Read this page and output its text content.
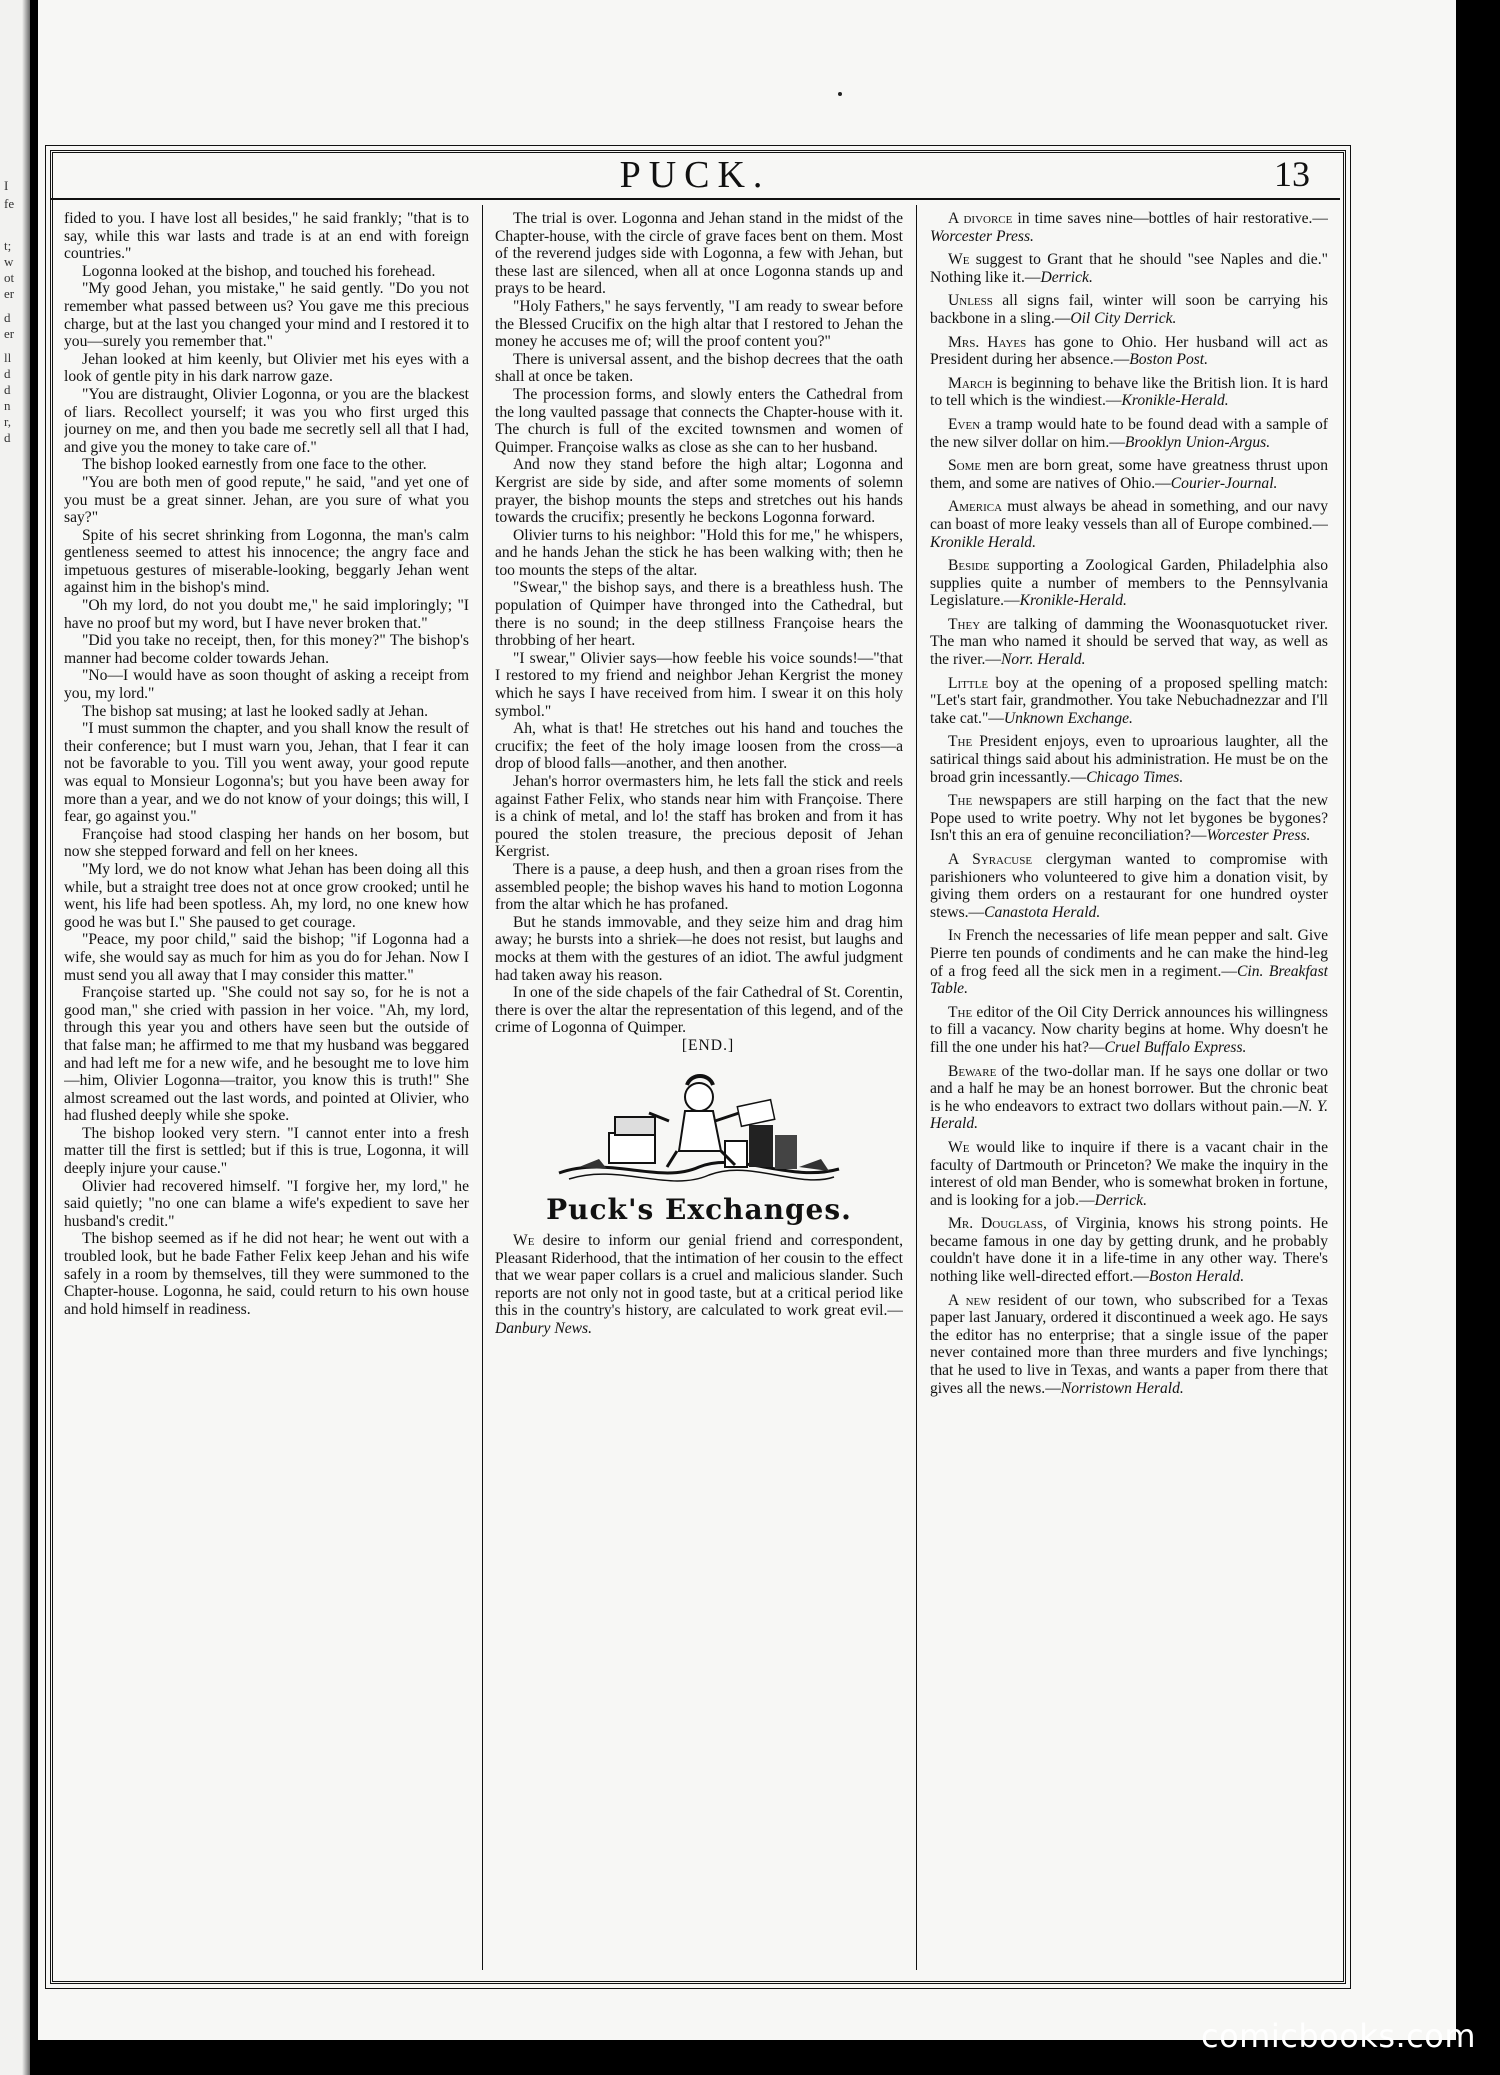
I
fe
t;
w
ot
er
d
er
ll
d
d
n
r,
d
PUCK.	13

fided to you. I have lost all besides," he said frankly; "that is to say, while this war lasts and trade is at an end with foreign countries."

Logonna looked at the bishop, and touched his forehead.

"My good Jehan, you mistake," he said gently. "Do you not remember what passed between us? You gave me this precious charge, but at the last you changed your mind and I restored it to you—surely you remember that."

Jehan looked at him keenly, but Olivier met his eyes with a look of gentle pity in his dark narrow gaze.

"You are distraught, Olivier Logonna, or you are the blackest of liars. Recollect yourself; it was you who first urged this journey on me, and then you bade me secretly sell all that I had, and give you the money to take care of."

The bishop looked earnestly from one face to the other.

"You are both men of good repute," he said, "and yet one of you must be a great sinner. Jehan, are you sure of what you say?"

Spite of his secret shrinking from Logonna, the man's calm gentleness seemed to attest his innocence; the angry face and impetuous gestures of miserable-looking, beggarly Jehan went against him in the bishop's mind.

"Oh my lord, do not you doubt me," he said imploringly; "I have no proof but my word, but I have never broken that."

"Did you take no receipt, then, for this money?" The bishop's manner had become colder towards Jehan.

"No—I would have as soon thought of asking a receipt from you, my lord."

The bishop sat musing; at last he looked sadly at Jehan.

"I must summon the chapter, and you shall know the result of their conference; but I must warn you, Jehan, that I fear it can not be favorable to you. Till you went away, your good repute was equal to Monsieur Logonna's; but you have been away for more than a year, and we do not know of your doings; this will, I fear, go against you."

Françoise had stood clasping her hands on her bosom, but now she stepped forward and fell on her knees.

"My lord, we do not know what Jehan has been doing all this while, but a straight tree does not at once grow crooked; until he went, his life had been spotless. Ah, my lord, no one knew how good he was but I." She paused to get courage.

"Peace, my poor child," said the bishop; "if Logonna had a wife, she would say as much for him as you do for Jehan. Now I must send you all away that I may consider this matter."

Françoise started up. "She could not say so, for he is not a good man," she cried with passion in her voice. "Ah, my lord, through this year you and others have seen but the outside of that false man; he affirmed to me that my husband was beggared and had left me for a new wife, and he besought me to love him—him, Olivier Logonna—traitor, you know this is truth!" She almost screamed out the last words, and pointed at Olivier, who had flushed deeply while she spoke.

The bishop looked very stern. "I cannot enter into a fresh matter till the first is settled; but if this is true, Logonna, it will deeply injure your cause."

Olivier had recovered himself. "I forgive her, my lord," he said quietly; "no one can blame a wife's expedient to save her husband's credit."

The bishop seemed as if he did not hear; he went out with a troubled look, but he bade Father Felix keep Jehan and his wife safely in a room by themselves, till they were summoned to the Chapter-house. Logonna, he said, could return to his own house and hold himself in readiness.

The trial is over. Logonna and Jehan stand in the midst of the Chapter-house, with the circle of grave faces bent on them. Most of the reverend judges side with Logonna, a few with Jehan, but these last are silenced, when all at once Logonna stands up and prays to be heard.

"Holy Fathers," he says fervently, "I am ready to swear before the Blessed Crucifix on the high altar that I restored to Jehan the money he accuses me of; will the proof content you?"

There is universal assent, and the bishop decrees that the oath shall at once be taken.

The procession forms, and slowly enters the Cathedral from the long vaulted passage that connects the Chapter-house with it. The church is full of the excited townsmen and women of Quimper. Françoise walks as close as she can to her husband.

And now they stand before the high altar; Logonna and Kergrist are side by side, and after some moments of solemn prayer, the bishop mounts the steps and stretches out his hands towards the crucifix; presently he beckons Logonna forward.

Olivier turns to his neighbor: "Hold this for me," he whispers, and he hands Jehan the stick he has been walking with; then he too mounts the steps of the altar.

"Swear," the bishop says, and there is a breathless hush. The population of Quimper have thronged into the Cathedral, but there is no sound; in the deep stillness Françoise hears the throbbing of her heart.

"I swear," Olivier says—how feeble his voice sounds!—"that I restored to my friend and neighbor Jehan Kergrist the money which he says I have received from him. I swear it on this holy symbol."

Ah, what is that! He stretches out his hand and touches the crucifix; the feet of the holy image loosen from the cross—a drop of blood falls—another, and then another.

Jehan's horror overmasters him, he lets fall the stick and reels against Father Felix, who stands near him with Françoise. There is a chink of metal, and lo! the staff has broken and from it has poured the stolen treasure, the precious deposit of Jehan Kergrist.

There is a pause, a deep hush, and then a groan rises from the assembled people; the bishop waves his hand to motion Logonna from the altar which he has profaned.

But he stands immovable, and they seize him and drag him away; he bursts into a shriek—he does not resist, but laughs and mocks at them with the gestures of an idiot. The awful judgment had taken away his reason.

In one of the side chapels of the fair Cathedral of St. Corentin, there is over the altar the representation of this legend, and of the crime of Logonna of Quimper.

[END.]

Puck's Exchanges.

We desire to inform our genial friend and correspondent, Pleasant Riderhood, that the intimation of her cousin to the effect that we wear paper collars is a cruel and malicious slander. Such reports are not only not in good taste, but at a critical period like this in the country's history, are calculated to work great evil.—Danbury News.

A divorce in time saves nine—bottles of hair restorative.—Worcester Press.

We suggest to Grant that he should "see Naples and die." Nothing like it.—Derrick.

Unless all signs fail, winter will soon be carrying his backbone in a sling.—Oil City Derrick.

Mrs. Hayes has gone to Ohio. Her husband will act as President during her absence.—Boston Post.

March is beginning to behave like the British lion. It is hard to tell which is the windiest.—Kronikle-Herald.

Even a tramp would hate to be found dead with a sample of the new silver dollar on him.—Brooklyn Union-Argus.

Some men are born great, some have greatness thrust upon them, and some are natives of Ohio.—Courier-Journal.

America must always be ahead in something, and our navy can boast of more leaky vessels than all of Europe combined.—Kronikle Herald.

Beside supporting a Zoological Garden, Philadelphia also supplies quite a number of members to the Pennsylvania Legislature.—Kronikle-Herald.

They are talking of damming the Woonasquotucket river. The man who named it should be served that way, as well as the river.—Norr. Herald.

Little boy at the opening of a proposed spelling match: "Let's start fair, grandmother. You take Nebuchadnezzar and I'll take cat."—Unknown Exchange.

The President enjoys, even to uproarious laughter, all the satirical things said about his administration. He must be on the broad grin incessantly.—Chicago Times.

The newspapers are still harping on the fact that the new Pope used to write poetry. Why not let bygones be bygones? Isn't this an era of genuine reconciliation?—Worcester Press.

A Syracuse clergyman wanted to compromise with parishioners who volunteered to give him a donation visit, by giving them orders on a restaurant for one hundred oyster stews.—Canastota Herald.

In French the necessaries of life mean pepper and salt. Give Pierre ten pounds of condiments and he can make the hind-leg of a frog feed all the sick men in a regiment.—Cin. Breakfast Table.

The editor of the Oil City Derrick announces his willingness to fill a vacancy. Now charity begins at home. Why doesn't he fill the one under his hat?—Cruel Buffalo Express.

Beware of the two-dollar man. If he says one dollar or two and a half he may be an honest borrower. But the chronic beat is he who endeavors to extract two dollars without pain.—N. Y. Herald.

We would like to inquire if there is a vacant chair in the faculty of Dartmouth or Princeton? We make the inquiry in the interest of old man Bender, who is somewhat broken in fortune, and is looking for a job.—Derrick.

Mr. Douglass, of Virginia, knows his strong points. He became famous in one day by getting drunk, and he probably couldn't have done it in a life-time in any other way. There's nothing like well-directed effort.—Boston Herald.

A new resident of our town, who subscribed for a Texas paper last January, ordered it discontinued a week ago. He says the editor has no enterprise; that a single issue of the paper never contained more than three murders and five lynchings; that he used to live in Texas, and wants a paper from there that gives all the news.—Norristown Herald.

comicbooks.com
